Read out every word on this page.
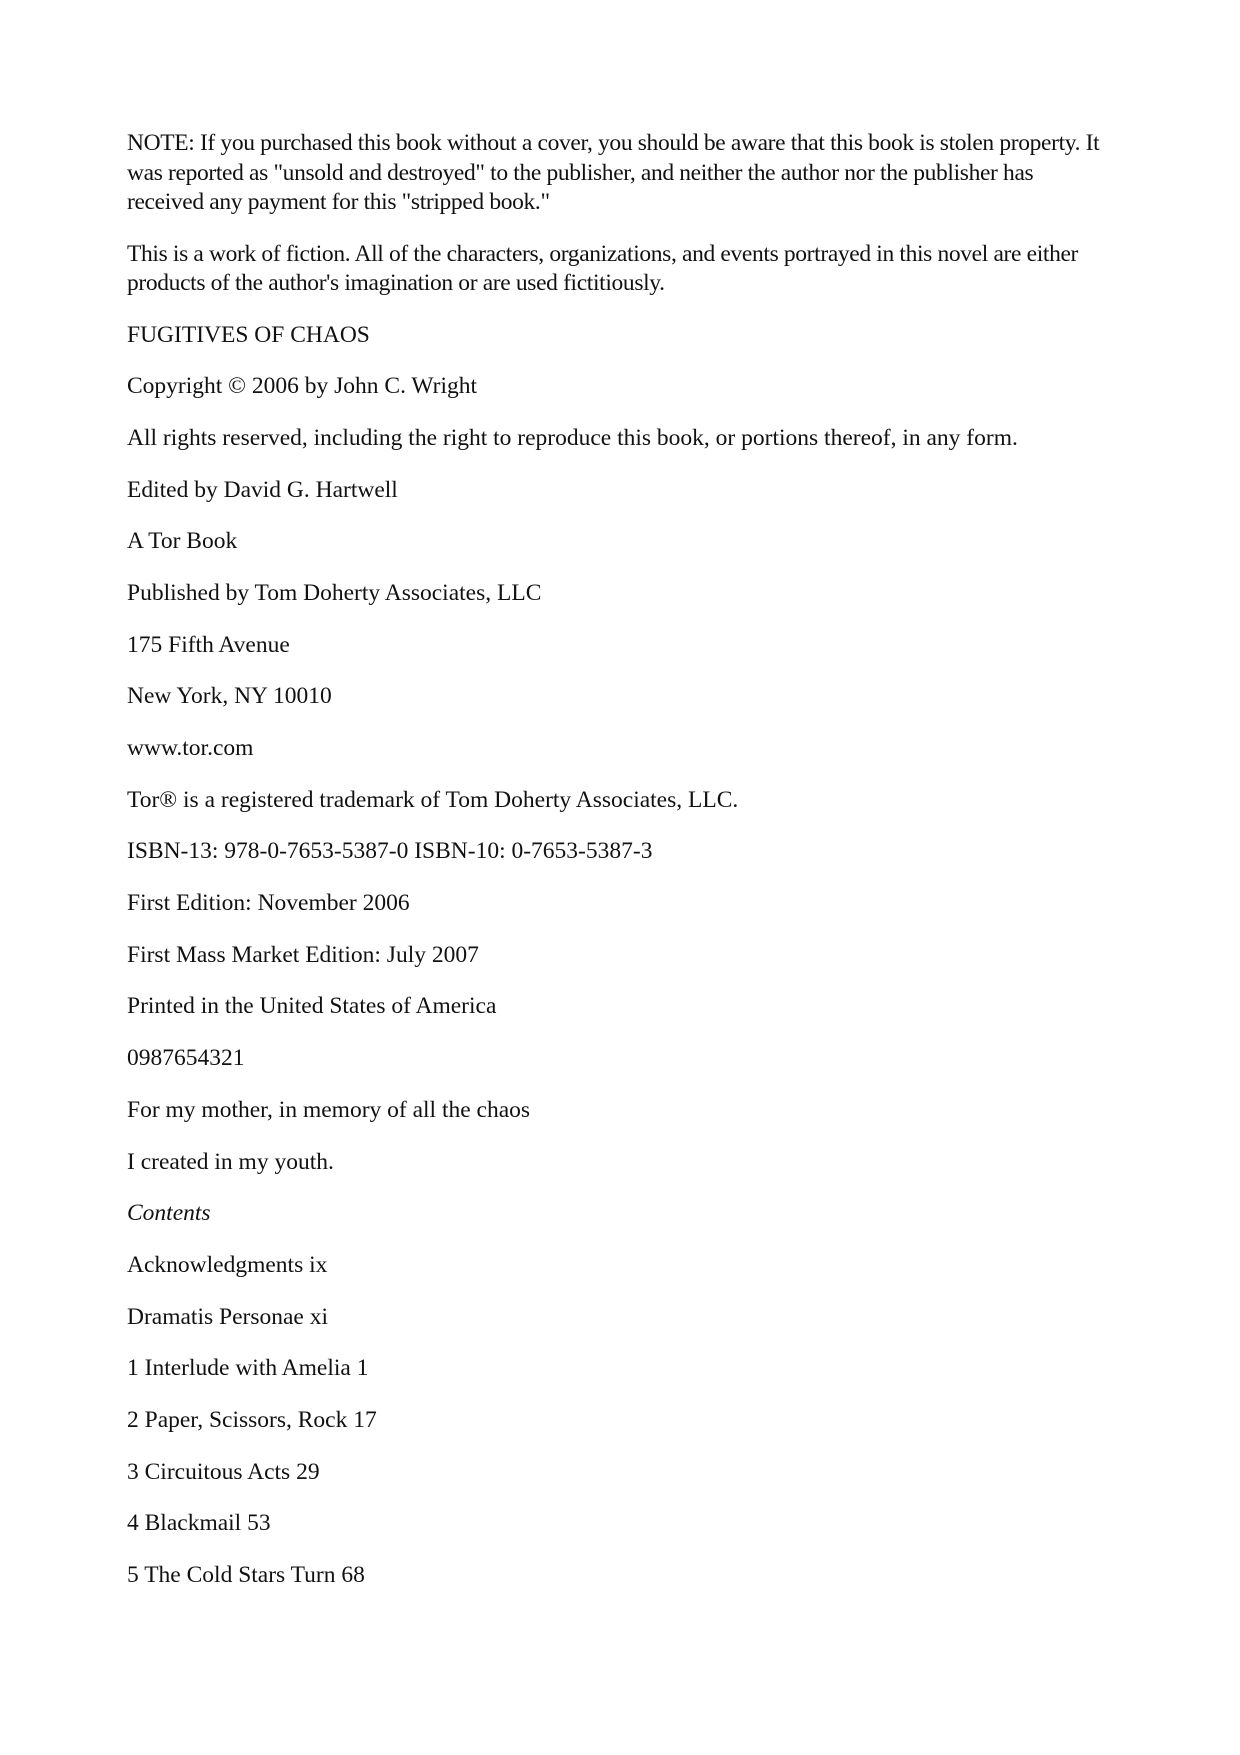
NOTE: If you purchased this book without a cover, you should be aware that this book is stolen property. It was reported as "unsold and destroyed" to the publisher, and neither the author nor the publisher has received any payment for this "stripped book."

This is a work of fiction. All of the characters, organizations, and events portrayed in this novel are either products of the author's imagination or are used fictitiously.

FUGITIVES OF CHAOS

Copyright © 2006 by John C. Wright

All rights reserved, including the right to reproduce this book, or portions thereof, in any form.

Edited by David G. Hartwell

A Tor Book

Published by Tom Doherty Associates, LLC

175 Fifth Avenue

New York, NY 10010

www.tor.com

Tor® is a registered trademark of Tom Doherty Associates, LLC.

ISBN-13: 978-0-7653-5387-0 ISBN-10: 0-7653-5387-3

First Edition: November 2006

First Mass Market Edition: July 2007

Printed in the United States of America

0987654321

For my mother, in memory of all the chaos

I created in my youth.

Contents

Acknowledgments ix

Dramatis Personae xi

1 Interlude with Amelia 1

2 Paper, Scissors, Rock 17

3 Circuitous Acts 29

4 Blackmail 53

5 The Cold Stars Turn 68
